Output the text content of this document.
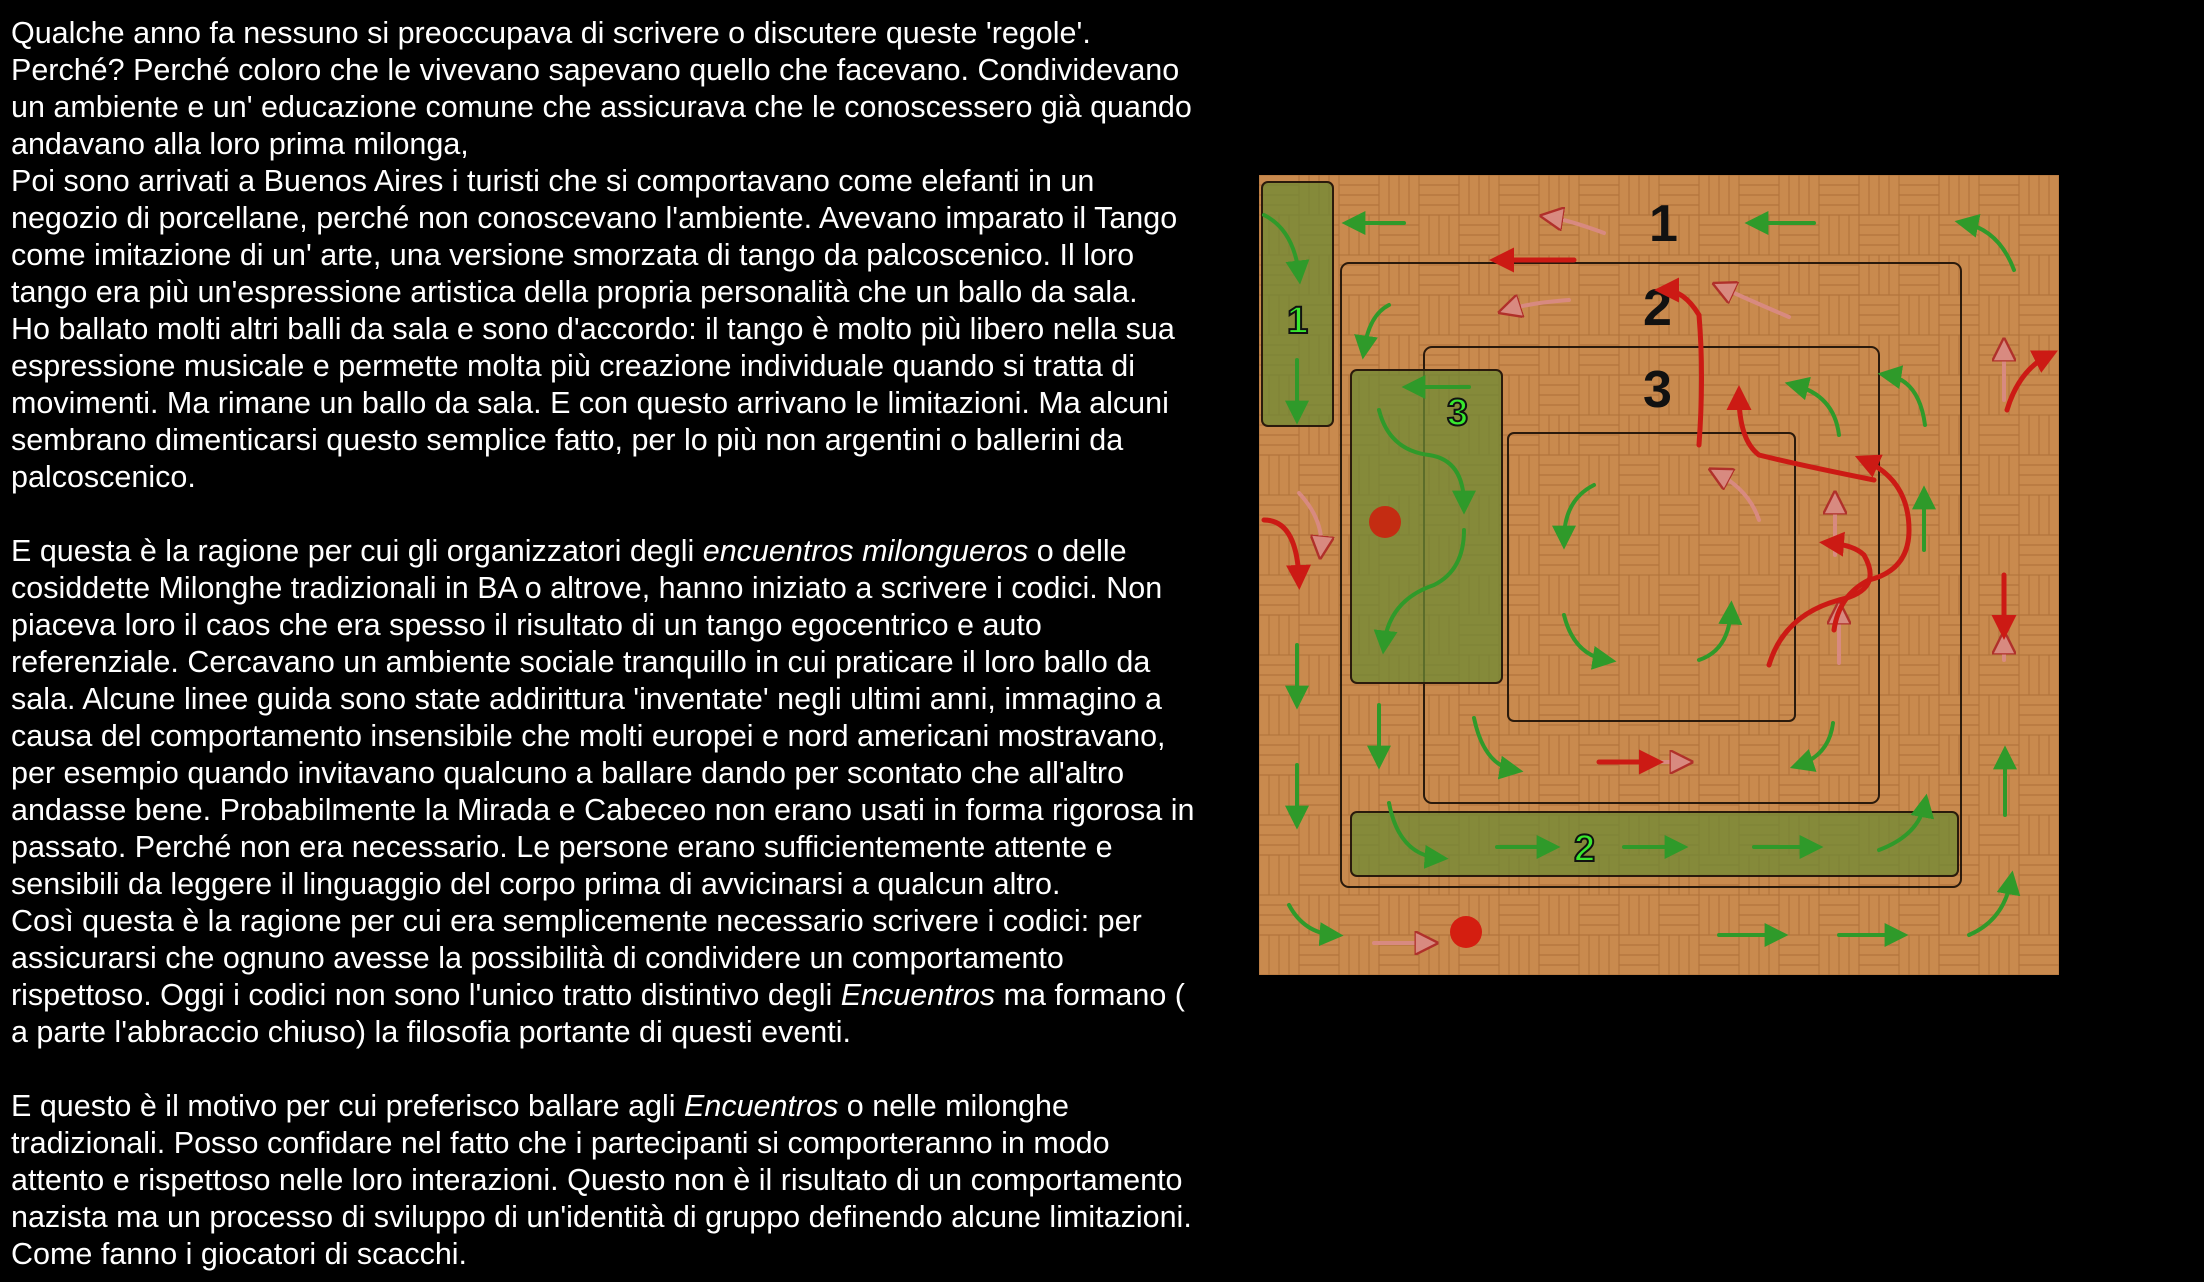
Qualche anno fa nessuno si preoccupava di scrivere o discutere queste 'regole'.
Perché? Perché coloro che le vivevano sapevano quello che facevano. Condividevano
un ambiente e un' educazione comune che assicurava che le conoscessero già quando
andavano alla loro prima milonga,
Poi sono arrivati a Buenos Aires i turisti che si comportavano come elefanti in un
negozio di porcellane, perché non conoscevano l'ambiente. Avevano imparato il Tango
come imitazione di un' arte, una versione smorzata di tango da palcoscenico. Il loro
tango era più un'espressione artistica della propria personalità che un ballo da sala.
Ho ballato molti altri balli da sala e sono d'accordo: il tango è molto più libero nella sua
espressione musicale e permette molta più creazione individuale quando si tratta di
movimenti. Ma rimane un ballo da sala. E con questo arrivano le limitazioni. Ma alcuni
sembrano dimenticarsi questo semplice fatto, per lo più non argentini o ballerini da
palcoscenico.

E questa è la ragione per cui gli organizzatori degli encuentros milongueros o delle
cosiddette Milonghe tradizionali in BA o altrove, hanno iniziato a scrivere i codici. Non
piaceva loro il caos che era spesso il risultato di un tango egocentrico e auto
referenziale. Cercavano un ambiente sociale tranquillo in cui praticare il loro ballo da
sala. Alcune linee guida sono state addirittura 'inventate' negli ultimi anni, immagino a
causa del comportamento insensibile che molti europei e nord americani mostravano,
per esempio quando invitavano qualcuno a ballare dando per scontato che all'altro
andasse bene. Probabilmente la Mirada e Cabeceo non erano usati in forma rigorosa in
passato. Perché non era necessario. Le persone erano sufficientemente attente e
sensibili da leggere il linguaggio del corpo prima di avvicinarsi a qualcun altro.
Così questa è la ragione per cui era semplicemente necessario scrivere i codici: per
assicurarsi che ognuno avesse la possibilità di condividere un comportamento
rispettoso. Oggi i codici non sono l'unico tratto distintivo degli Encuentros ma formano (
a parte l'abbraccio chiuso) la filosofia portante di questi eventi.

E questo è il motivo per cui preferisco ballare agli Encuentros o nelle milonghe
tradizionali. Posso confidare nel fatto che i partecipanti si comporteranno in modo
attento e rispettoso nelle loro interazioni. Questo non è il risultato di un comportamento
nazista ma un processo di sviluppo di un'identità di gruppo definendo alcune limitazioni.
Come fanno i giocatori di scacchi.

1
2
3
1
2
3
